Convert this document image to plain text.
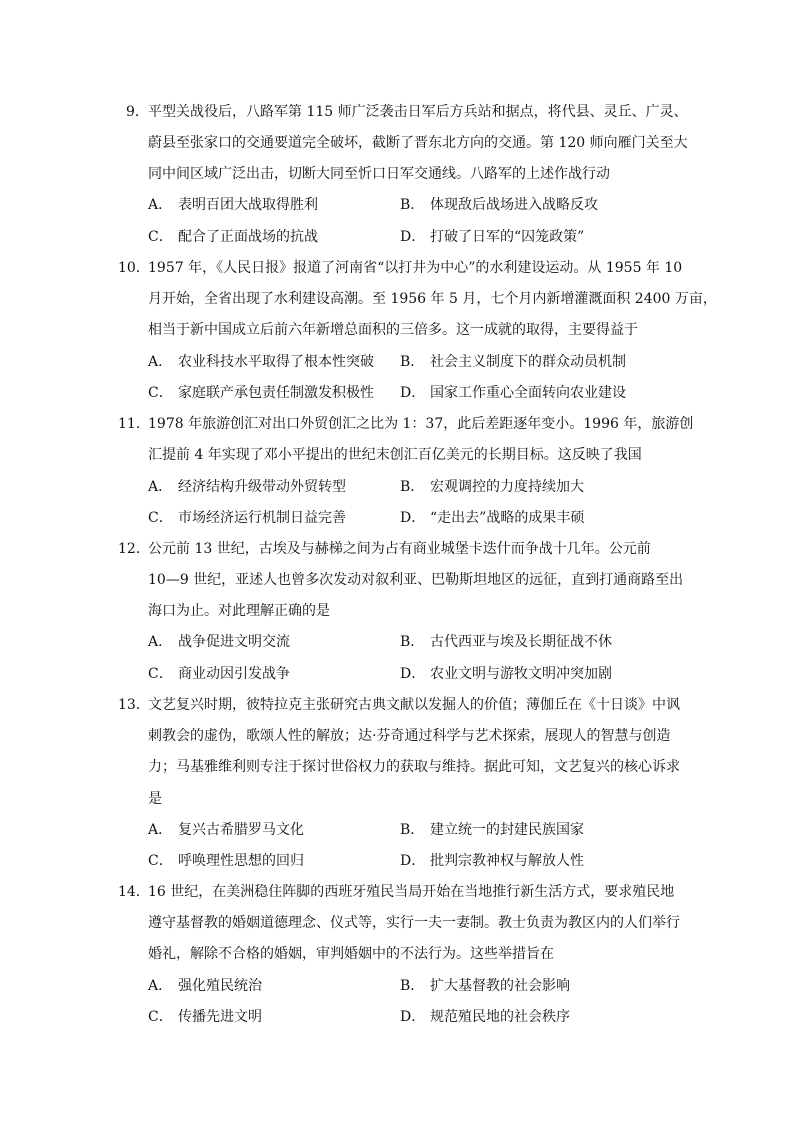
9． 平型关战役后，八路军第 115 师广泛袭击日军后方兵站和据点，将代县、灵丘、广灵、
蔚县至张家口的交通要道完全破坏，截断了晋东北方向的交通。第 120 师向雁门关至大
同中间区域广泛出击，切断大同至忻口日军交通线。八路军的上述作战行动
A． 表明百团大战取得胜利	B． 体现敌后战场进入战略反攻
C． 配合了正面战场的抗战	D． 打破了日军的“囚笼政策”
10．
1957 年，《人民日报》报道了河南省“以打井为中心”的水利建设运动。从 1955 年 10
月开始，全省出现了水利建设高潮。至 1956 年 5 月，七个月内新增灌溉面积 2400 万亩，
相当于新中国成立后前六年新增总面积的三倍多。这一成就的取得，主要得益于
A． 农业科技水平取得了根本性突破 B． 社会主义制度下的群众动员机制
C． 家庭联产承包责任制激发积极性 D． 国家工作重心全面转向农业建设
11．
1978 年旅游创汇对出口外贸创汇之比为 1：37，此后差距逐年变小。1996 年，旅游创
汇提前 4 年实现了邓小平提出的世纪末创汇百亿美元的长期目标。这反映了我国
A． 经济结构升级带动外贸转型	B． 宏观调控的力度持续加大
C． 市场经济运行机制日益完善	D． “走出去”战略的成果丰硕
12．
公元前 13 世纪，古埃及与赫梯之间为占有商业城堡卡迭什而争战十几年。公元前
10—9 世纪，亚述人也曾多次发动对叙利亚、巴勒斯坦地区的远征，直到打通商路至出
海口为止。对此理解正确的是
A． 战争促进文明交流	B． 古代西亚与埃及长期征战不休
C． 商业动因引发战争	D． 农业文明与游牧文明冲突加剧
13．
文艺复兴时期，彼特拉克主张研究古典文献以发掘人的价值；薄伽丘在《十日谈》中讽
刺教会的虚伪，歌颂人性的解放；达·芬奇通过科学与艺术探索，展现人的智慧与创造
力；马基雅维利则专注于探讨世俗权力的获取与维持。据此可知，文艺复兴的核心诉求
是
A． 复兴古希腊罗马文化	B． 建立统一的封建民族国家
C． 呼唤理性思想的回归	D． 批判宗教神权与解放人性
14．
16 世纪，在美洲稳住阵脚的西班牙殖民当局开始在当地推行新生活方式，要求殖民地
遵守基督教的婚姻道德理念、仪式等，实行一夫一妻制。教士负责为教区内的人们举行
婚礼，解除不合格的婚姻，审判婚姻中的不法行为。这些举措旨在
A． 强化殖民统治	B． 扩大基督教的社会影响
C． 传播先进文明	D． 规范殖民地的社会秩序
